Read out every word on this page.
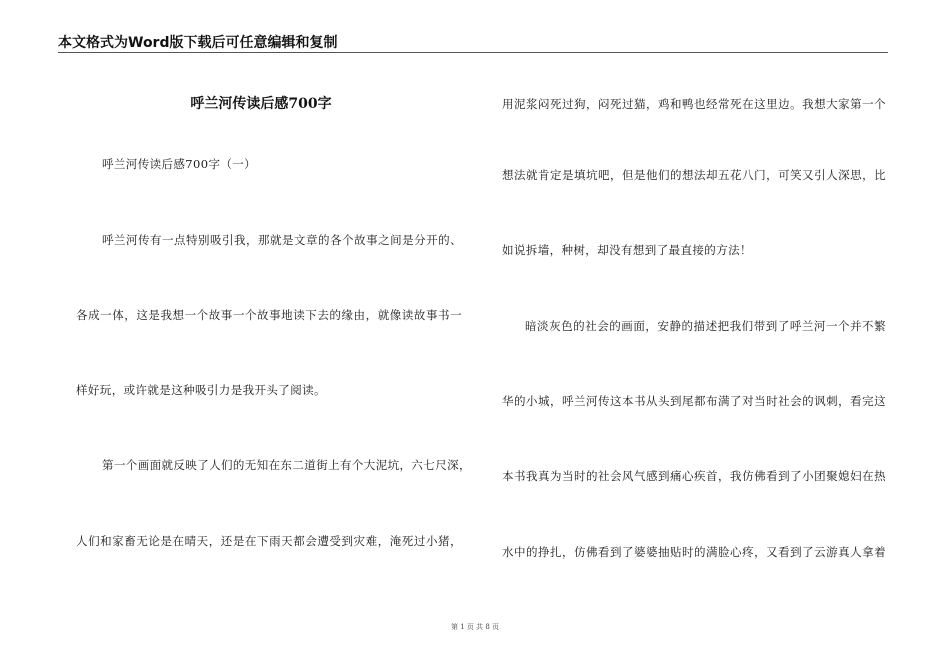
本文格式为Word版下载后可任意编辑和复制
呼兰河传读后感700字
呼兰河传读后感700字（一）
呼兰河传有一点特别吸引我，那就是文章的各个故事之间是分开的、
各成一体，这是我想一个故事一个故事地读下去的缘由，就像读故事书一
样好玩，或许就是这种吸引力是我开头了阅读。
第一个画面就反映了人们的无知在东二道街上有个大泥坑，六七尺深，
人们和家畜无论是在晴天，还是在下雨天都会遭受到灾难，淹死过小猪，
用泥浆闷死过狗，闷死过猫，鸡和鸭也经常死在这里边。我想大家第一个
想法就肯定是填坑吧，但是他们的想法却五花八门，可笑又引人深思，比
如说拆墙，种树，却没有想到了最直接的方法！
暗淡灰色的社会的画面，安静的描述把我们带到了呼兰河一个并不繁
华的小城，呼兰河传这本书从头到尾都布满了对当时社会的讽刺，看完这
本书我真为当时的社会风气感到痛心疾首，我仿佛看到了小团聚媳妇在热
水中的挣扎，仿佛看到了婆婆抽贴时的满脸心疼，又看到了云游真人拿着
第 1 页 共 8 页
